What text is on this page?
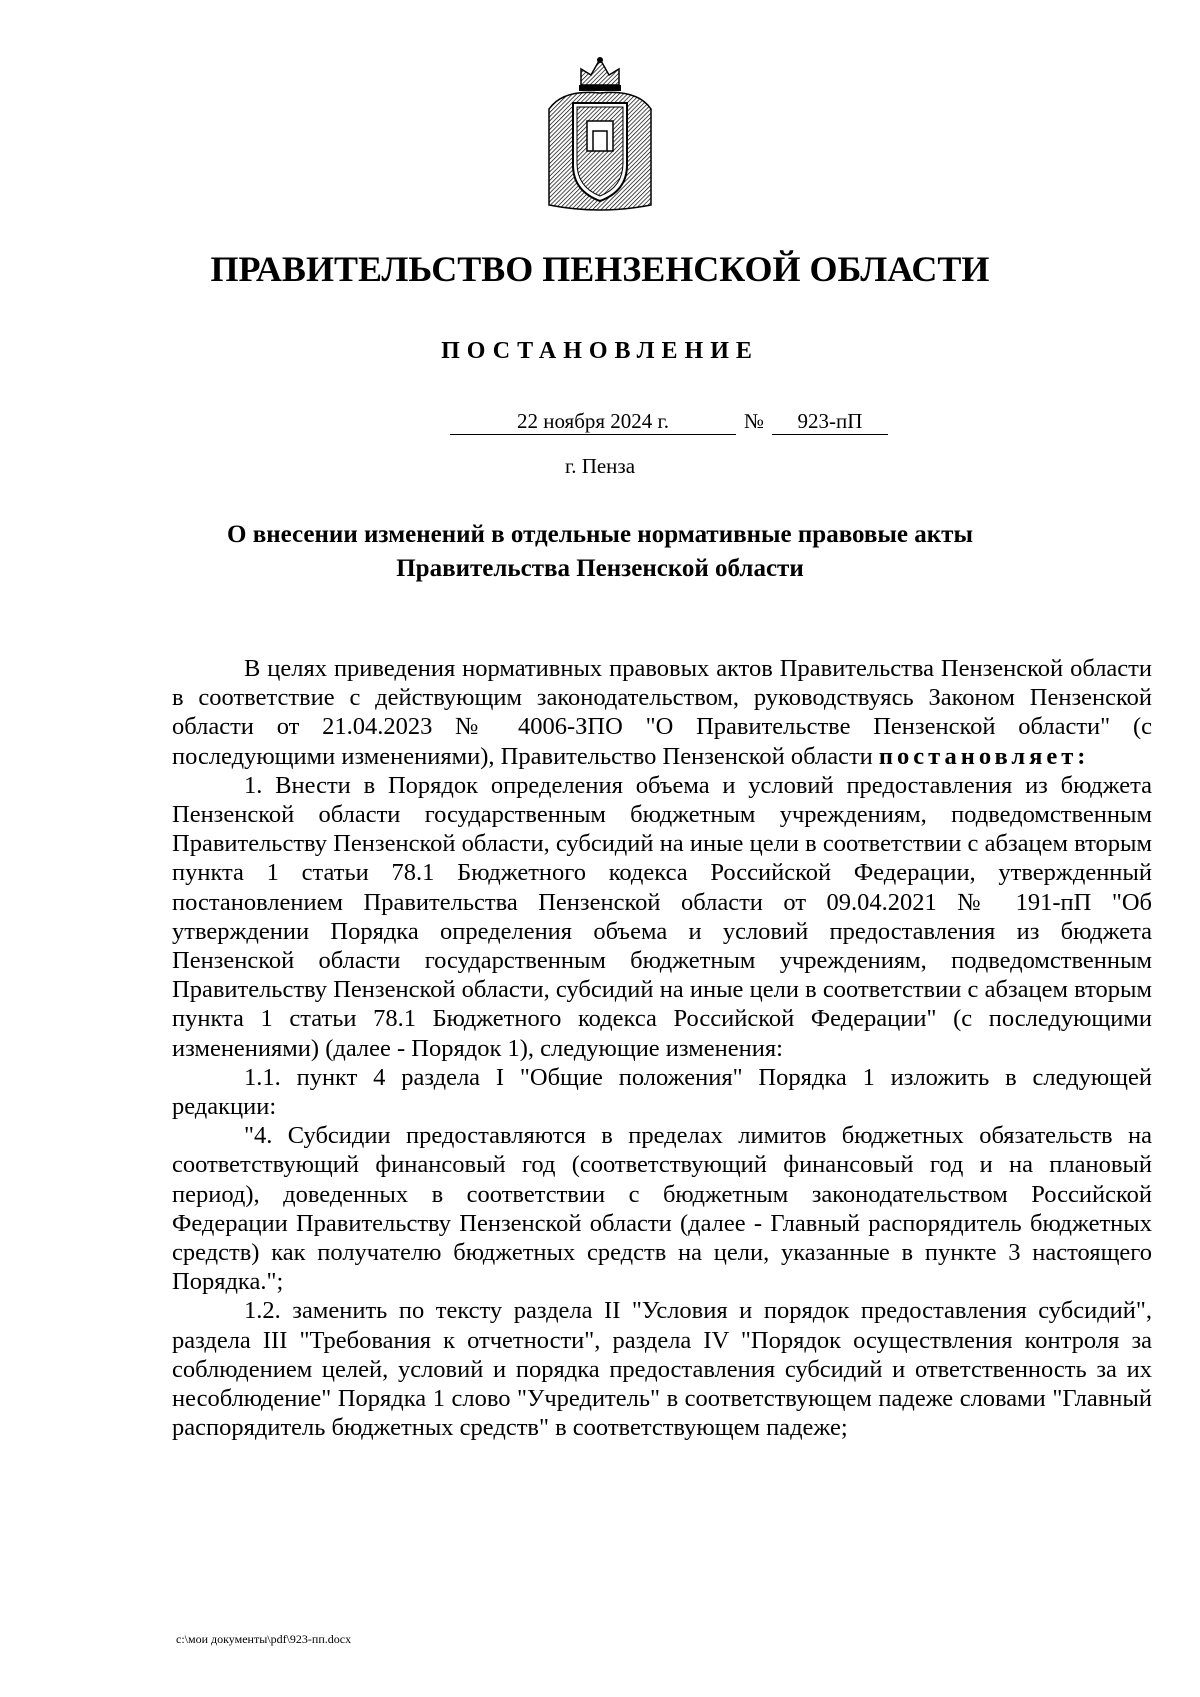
ПРАВИТЕЛЬСТВО ПЕНЗЕНСКОЙ ОБЛАСТИ
ПОСТАНОВЛЕНИЕ
22 ноября 2024 г.	№ 923-пП
г. Пенза
О внесении изменений в отдельные нормативные правовые акты
Правительства Пензенской области

В целях приведения нормативных правовых актов Правительства Пензенской области в соответствие с действующим законодательством, руководствуясь Законом Пензенской области от 21.04.2023 № 4006-ЗПО "О Правительстве Пензенской области" (с последующими изменениями), Правительство Пензенской области постановляет:

1. Внести в Порядок определения объема и условий предоставления из бюджета Пензенской области государственным бюджетным учреждениям, подведомственным Правительству Пензенской области, субсидий на иные цели в соответствии с абзацем вторым пункта 1 статьи 78.1 Бюджетного кодекса Российской Федерации, утвержденный постановлением Правительства Пензенской области от 09.04.2021 № 191-пП "Об утверждении Порядка определения объема и условий предоставления из бюджета Пензенской области государственным бюджетным учреждениям, подведомственным Правительству Пензенской области, субсидий на иные цели в соответствии с абзацем вторым пункта 1 статьи 78.1 Бюджетного кодекса Российской Федерации" (с последующими изменениями) (далее - Порядок 1), следующие изменения:

1.1. пункт 4 раздела I "Общие положения" Порядка 1 изложить в следующей редакции:

"4. Субсидии предоставляются в пределах лимитов бюджетных обязательств на соответствующий финансовый год (соответствующий финансовый год и на плановый период), доведенных в соответствии с бюджетным законодательством Российской Федерации Правительству Пензенской области (далее - Главный распорядитель бюджетных средств) как получателю бюджетных средств на цели, указанные в пункте 3 настоящего Порядка.";

1.2. заменить по тексту раздела II "Условия и порядок предоставления субсидий", раздела III "Требования к отчетности", раздела IV "Порядок осуществления контроля за соблюдением целей, условий и порядка предоставления субсидий и ответственность за их несоблюдение" Порядка 1 слово "Учредитель" в соответствующем падеже словами "Главный распорядитель бюджетных средств" в соответствующем падеже;

c:\мои документы\pdf\923-пп.docx
